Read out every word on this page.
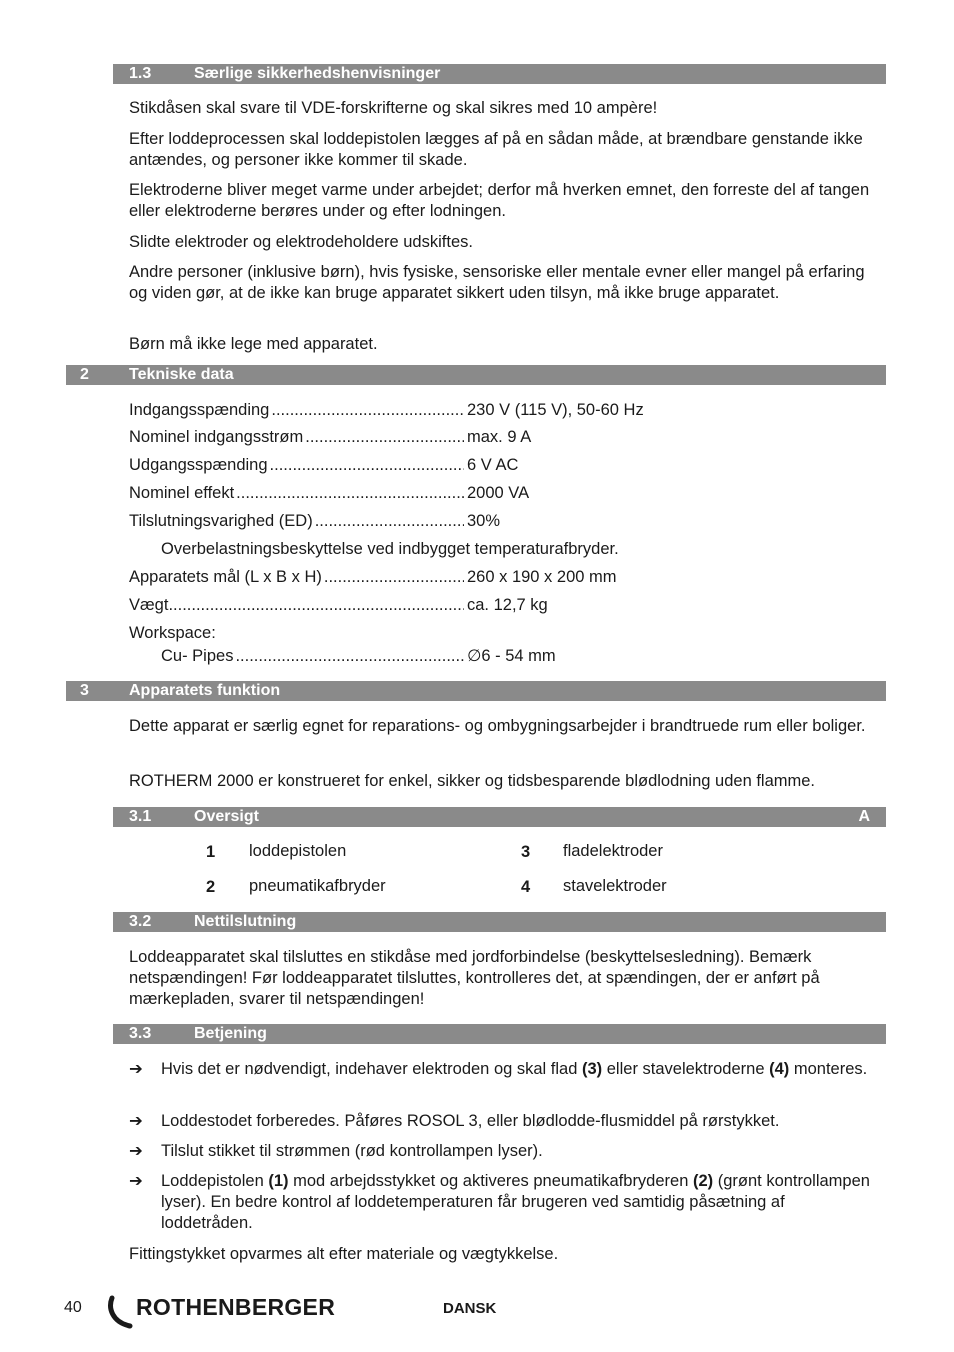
1.3	Særlige sikkerhedshenvisninger
Stikdåsen skal svare til VDE-forskrifterne og skal sikres med 10 ampère!
Efter loddeprocessen skal loddepistolen lægges af på en sådan måde, at brændbare genstande ikke antændes, og personer ikke kommer til skade.
Elektroderne bliver meget varme under arbejdet; derfor må hverken emnet, den forreste del af tangen eller elektroderne berøres under og efter lodningen.
Slidte elektroder og elektrodeholdere udskiftes.
Andre personer (inklusive børn), hvis fysiske, sensoriske eller mentale evner eller mangel på erfaring og viden gør, at de ikke kan bruge apparatet sikkert uden tilsyn, må ikke bruge apparatet.
Børn må ikke lege med apparatet.
2	Tekniske data
Indgangsspænding .....	230 V (115 V), 50-60 Hz
Nominel indgangsstrøm .....	max. 9 A
Udgangsspænding .....	6 V AC
Nominel effekt .....	2000 VA
Tilslutningsvarighed (ED) .....	30%
Overbelastningsbeskyttelse ved indbygget temperaturafbryder.
Apparatets mål (L x B x H) .....	260 x 190 x 200 mm
Vægt .....	ca. 12,7 kg
Workspace:
Cu- Pipes .....	∅6 - 54 mm
3	Apparatets funktion
Dette apparat er særlig egnet for reparations- og ombygningsarbejder i brandtruede rum eller boliger.
ROTHERM 2000 er konstrueret for enkel, sikker og tidsbesparende blødlodning uden flamme.
3.1	Oversigt	A
1 loddepistolen
2 pneumatikafbryder
3 fladelektroder
4 stavelektroder
3.2	Nettilslutning
Loddeapparatet skal tilsluttes en stikdåse med jordforbindelse (beskyttelsesledning). Bemærk netspændingen! Før loddeapparatet tilsluttes, kontrolleres det, at spændingen, der er anført på mærkepladen, svarer til netspændingen!
3.3	Betjening
➔ Hvis det er nødvendigt, indehaver elektroden og skal flad (3) eller stavelektroderne (4) monteres.
➔ Loddestodet forberedes. Påføres ROSOL 3, eller blødlodde-flusmiddel på rørstykket.
➔ Tilslut stikket til strømmen (rød kontrollampen lyser).
➔ Loddepistolen (1) mod arbejdsstykket og aktiveres pneumatikafbryderen (2) (grønt kontrollampen lyser). En bedre kontrol af loddetemperaturen får brugeren ved samtidig påsætning af loddetråden.
Fittingstykket opvarmes alt efter materiale og vægtykkelse.
40 ROTHENBERGER	DANSK
